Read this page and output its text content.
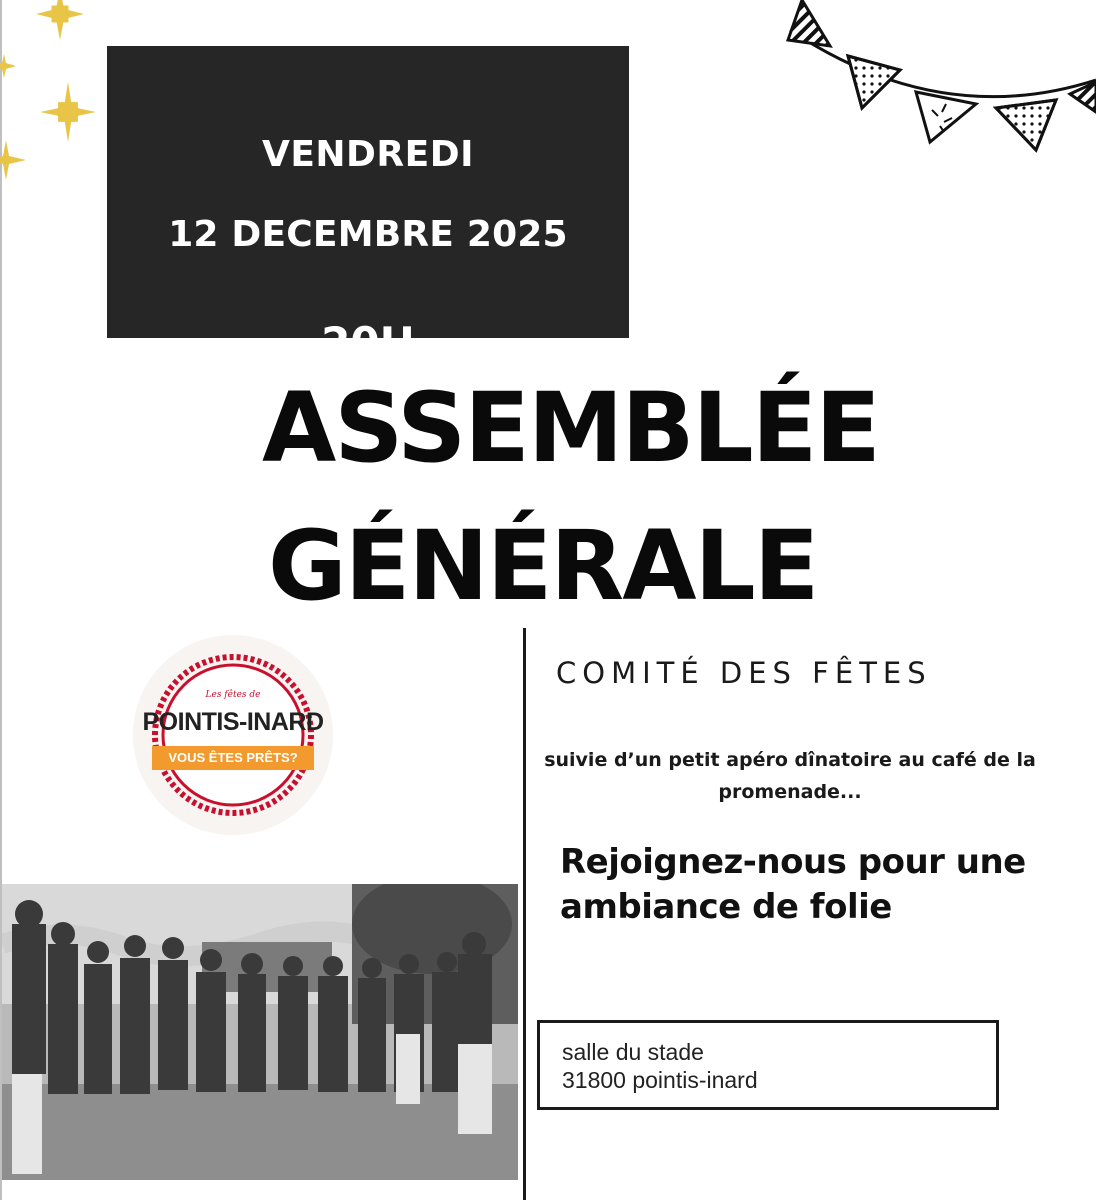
VENDREDI
12 DECEMBRE 2025
20H
ASSEMBLÉE
GÉNÉRALE
Les fêtes de
POINTIS-INARD
VOUS ÊTES PRÊTS?
COMITÉ DES FÊTES
suivie d’un petit apéro dînatoire au café de la promenade...
Rejoignez-nous pour une ambiance de folie
salle du stade
31800 pointis-inard
